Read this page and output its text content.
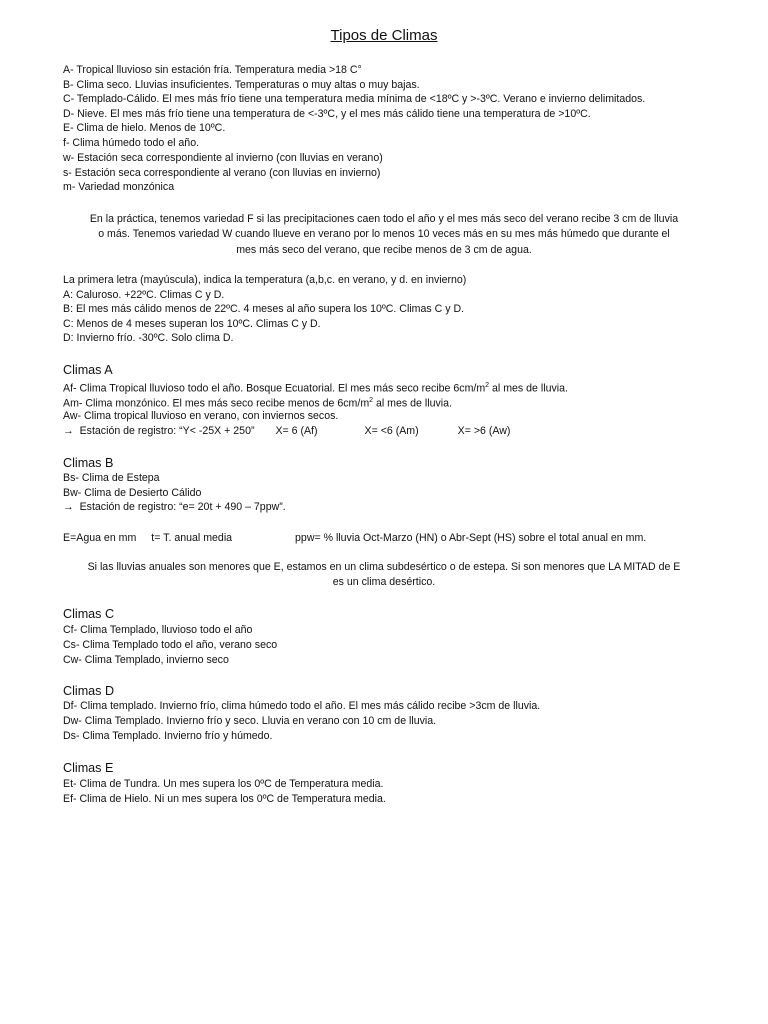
Tipos de Climas
A- Tropical lluvioso sin estación fría. Temperatura media >18 C°
B- Clima seco. Lluvias insuficientes. Temperaturas o muy altas o muy bajas.
C- Templado-Cálido. El mes más frío tiene una temperatura media mínima de <18ºC y >-3ºC. Verano e invierno delimitados.
D- Nieve. El mes más frío tiene una temperatura de <-3ºC, y el mes más cálido tiene una temperatura de >10ºC.
E- Clima de hielo. Menos de 10ºC.
f- Clima húmedo todo el año.
w- Estación seca correspondiente al invierno (con lluvias en verano)
s- Estación seca correspondiente al verano (con lluvias en invierno)
m- Variedad monzónica
En la práctica, tenemos variedad F si las precipitaciones caen todo el año y el mes más seco del verano recibe 3 cm de lluvia
o más. Tenemos variedad W cuando llueve en verano por lo menos 10 veces más en su mes más húmedo que durante el
mes más seco del verano, que recibe menos de 3 cm de agua.
La primera letra (mayúscula), indica la temperatura (a,b,c. en verano, y d. en invierno)
A: Caluroso. +22ºC. Climas C y D.
B: El mes más cálido menos de 22ºC. 4 meses al año supera los 10ºC. Climas C y D.
C: Menos de 4 meses superan los 10ºC. Climas C y D.
D: Invierno frío. -30ºC. Solo clima D.
Climas A
Af- Clima Tropical lluvioso todo el año. Bosque Ecuatorial. El mes más seco recibe $6cm/m^2$ al mes de lluvia.
Am- Clima monzónico. El mes más seco recibe menos de $6cm/m^2$ al mes de lluvia.
Aw- Clima tropical lluvioso en verano, con inviernos secos.
→ Estación de registro: “Y< -25X + 250” X= 6 (Af)	X= <6 (Am)	X= >6 (Aw)
Climas B
Bs- Clima de Estepa
Bw- Clima de Desierto Cálido
→ Estación de registro: “e= 20t + 490 – 7ppw”.
E=Agua en mm t= T. anual media	ppw= % lluvia Oct-Marzo (HN) o Abr-Sept (HS) sobre el total anual en mm.
Si las lluvias anuales son menores que E, estamos en un clima subdesértico o de estepa. Si son menores que LA MITAD de E
es un clima desértico.
Climas C
Cf- Clima Templado, lluvioso todo el año
Cs- Clima Templado todo el año, verano seco
Cw- Clima Templado, invierno seco
Climas D
Df- Clima templado. Invierno frío, clima húmedo todo el año. El mes más cálido recibe >3cm de lluvia.
Dw- Clima Templado. Invierno frío y seco. Lluvia en verano con 10 cm de lluvia.
Ds- Clima Templado. Invierno frío y húmedo.
Climas E
Et- Clima de Tundra. Un mes supera los 0ºC de Temperatura media.
Ef- Clima de Hielo. Ni un mes supera los 0ºC de Temperatura media.
